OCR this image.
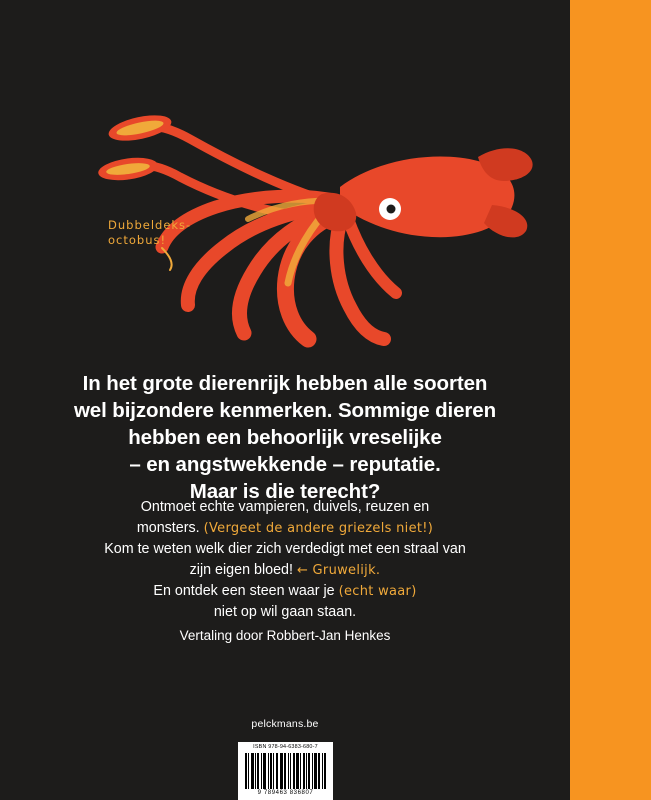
Dubbeldeks-
octobus!
In het grote dierenrijk hebben alle soorten
wel bijzondere kenmerken. Sommige dieren
hebben een behoorlijk vreselijke
– en angstwekkende – reputatie.
Maar is die terecht?
Ontmoet echte vampieren, duivels, reuzen en
monsters. (Vergeet de andere griezels niet!)
Kom te weten welk dier zich verdedigt met een straal van
zijn eigen bloed! ← Gruwelijk.
En ontdek een steen waar je (echt waar)
niet op wil gaan staan.
Vertaling door Robbert-Jan Henkes
pelckmans.be
ISBN 978-94-6383-680-7
9 789463 836807
